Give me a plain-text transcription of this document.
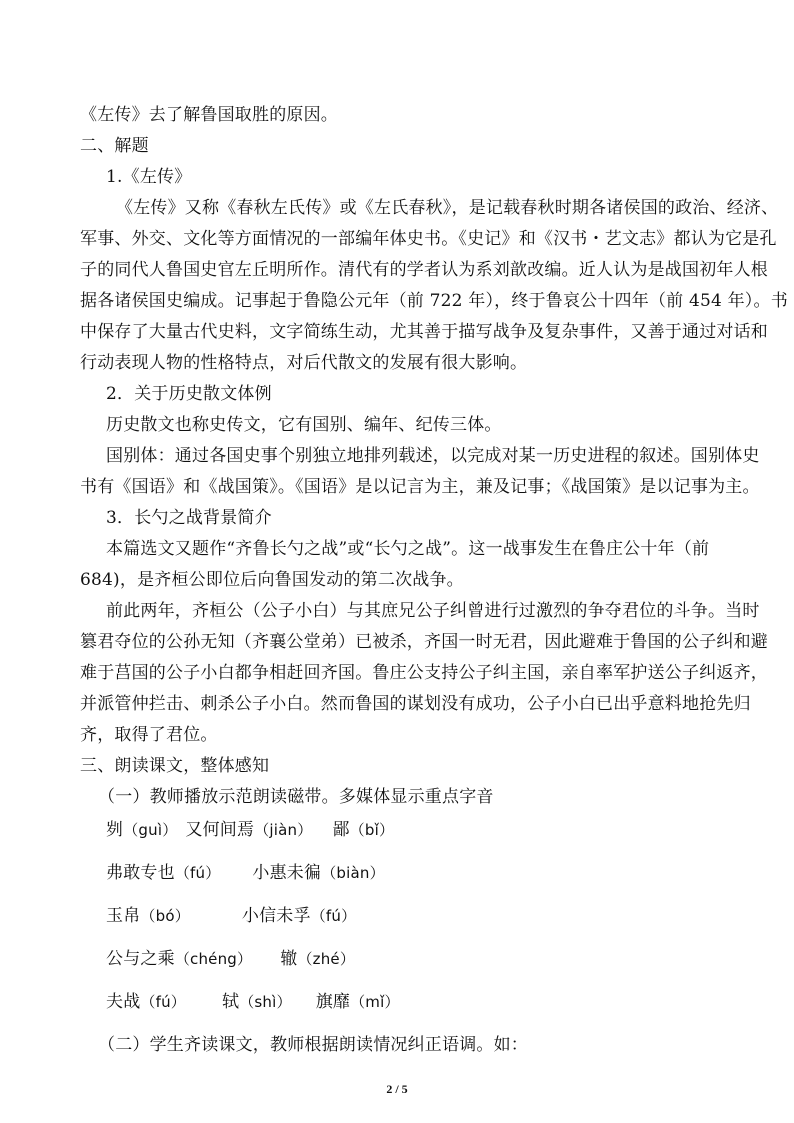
《左传》去了解鲁国取胜的原因。
二、解题
1.《左传》
《左传》又称《春秋左氏传》或《左氏春秋》，是记载春秋时期各诸侯国的政治、经济、
军事、外交、文化等方面情况的一部编年体史书。《史记》和《汉书・艺文志》都认为它是孔
子的同代人鲁国史官左丘明所作。清代有的学者认为系刘歆改编。近人认为是战国初年人根
据各诸侯国史编成。记事起于鲁隐公元年（前 722 年），终于鲁哀公十四年（前 454 年）。书
中保存了大量古代史料，文字简练生动，尤其善于描写战争及复杂事件，又善于通过对话和
行动表现人物的性格特点，对后代散文的发展有很大影响。
2．关于历史散文体例
历史散文也称史传文，它有国别、编年、纪传三体。
国别体：通过各国史事个别独立地排列载述，以完成对某一历史进程的叙述。国别体史
书有《国语》和《战国策》。《国语》是以记言为主，兼及记事；《战国策》是以记事为主。
3．长勺之战背景简介
本篇选文又题作“齐鲁长勺之战”或“长勺之战”。这一战事发生在鲁庄公十年（前
684)，是齐桓公即位后向鲁国发动的第二次战争。
前此两年，齐桓公（公子小白）与其庶兄公子纠曾进行过激烈的争夺君位的斗争。当时
篡君夺位的公孙无知（齐襄公堂弟）已被杀，齐国一时无君，因此避难于鲁国的公子纠和避
难于莒国的公子小白都争相赶回齐国。鲁庄公支持公子纠主国，亲自率军护送公子纠返齐，
并派管仲拦击、刺杀公子小白。然而鲁国的谋划没有成功，公子小白已出乎意料地抢先归
齐，取得了君位。
三、朗读课文，整体感知
（一）教师播放示范朗读磁带。多媒体显示重点字音
刿（guì） 又何间焉（jiàn） 鄙（bǐ）
弗敢专也（fú） 小惠未徧（biàn）
玉帛（bó）	小信未孚（fú）
公与之乘（chéng） 辙（zhé）
夫战（fú） 轼（shì） 旗靡（mǐ）
（二）学生齐读课文，教师根据朗读情况纠正语调。如：
2 / 5
